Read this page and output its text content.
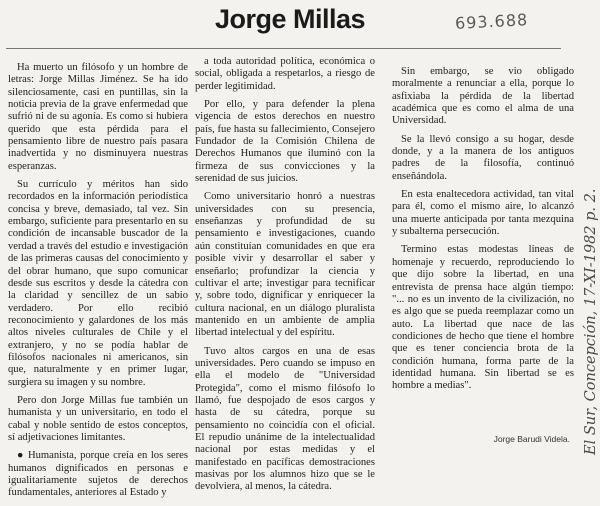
Jorge Millas	693.688

Ha muerto un filósofo y un hombre de letras: Jorge Millas Jiménez. Se ha ido silenciosamente, casi en puntillas, sin la noticia previa de la grave enfermedad que sufrió ni de su agonía. Es como si hubiera querido que esta pérdida para el pensamiento libre de nuestro país pasara inadvertida y no disminuyera nuestras esperanzas.

Su currículo y méritos han sido recordados en la información periodística concisa y breve, demasiado, tal vez. Sin embargo, suficiente para presentarlo en su condición de incansable buscador de la verdad a través del estudio e investigación de las primeras causas del conocimiento y del obrar humano, que supo comunicar desde sus escritos y desde la cátedra con la claridad y sencillez de un sabio verdadero. Por ello recibió reconocimiento y galardones de los más altos niveles culturales de Chile y el extranjero, y no se podía hablar de filósofos nacionales ni americanos, sin que, naturalmente y en primer lugar, surgiera su imagen y su nombre.

Pero don Jorge Millas fue también un humanista y un universitario, en todo el cabal y noble sentido de estos conceptos, sí adjetivaciones limitantes.

● Humanista, porque creía en los seres humanos dignificados en personas e igualitariamente sujetos de derechos fundamentales, anteriores al Estado y

a toda autoridad política, económica o social, obligada a respetarlos, a riesgo de perder legitimidad.

Por ello, y para defender la plena vigencia de estos derechos en nuestro país, fue hasta su fallecimiento, Consejero Fundador de la Comisión Chilena de Derechos Humanos que iluminó con la firmeza de sus convicciones y la serenidad de sus juicios.

Como universitario honró a nuestras universidades con su presencia, enseñanzas y profundidad de su pensamiento e investigaciones, cuando aún constituían comunidades en que era posible vivir y desarrollar el saber y enseñarlo; profundizar la ciencia y cultivar el arte; investigar para tecnificar y, sobre todo, dignificar y enriquecer la cultura nacional, en un diálogo pluralista mantenido en un ambiente de amplia libertad intelectual y del espíritu.

Tuvo altos cargos en una de esas universidades. Pero cuando se impuso en ella el modelo de "Universidad Protegida", como el mismo filósofo lo llamó, fue despojado de esos cargos y hasta de su cátedra, porque su pensamiento no coincidía con el oficial. El repudio unánime de la intelectualidad nacional por estas medidas y el manifestado en pacíficas demostraciones masivas por los alumnos hizo que se le devolviera, al menos, la cátedra.

Sin embargo, se vio obligado moralmente a renunciar a ella, porque lo asfixiaba la pérdida de la libertad académica que es como el alma de una Universidad.

Se la llevó consigo a su hogar, desde donde, y a la manera de los antiguos padres de la filosofía, continuó enseñándola.

En esta enaltecedora actividad, tan vital para él, como el mismo aire, lo alcanzó una muerte anticipada por tanta mezquina y subalterna persecución.

Termino estas modestas líneas de homenaje y recuerdo, reproduciendo lo que dijo sobre la libertad, en una entrevista de prensa hace algún tiempo: "... no es un invento de la civilización, no es algo que se pueda reemplazar como un auto. La libertad que nace de las condiciones de hecho que tiene el hombre que es tener conciencia brota de la condición humana, forma parte de la identidad humana. Sin libertad se es hombre a medias".

Jorge Barudi Videla. El Sur, Concepción, 17-XI-1982 p. 2.
